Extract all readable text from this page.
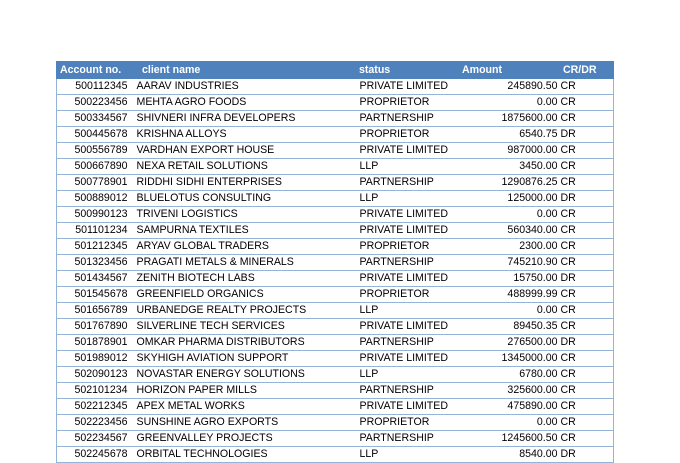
Account no.	client name	status	Amount	CR/DR
500112345	AARAV INDUSTRIES	PRIVATE LIMITED	245890.50	CR
500223456	MEHTA AGRO FOODS	PROPRIETOR	0.00	CR
500334567	SHIVNERI INFRA DEVELOPERS	PARTNERSHIP	1875600.00	CR
500445678	KRISHNA ALLOYS	PROPRIETOR	6540.75	DR
500556789	VARDHAN EXPORT HOUSE	PRIVATE LIMITED	987000.00	CR
500667890	NEXA RETAIL SOLUTIONS	LLP	3450.00	CR
500778901	RIDDHI SIDHI ENTERPRISES	PARTNERSHIP	1290876.25	CR
500889012	BLUELOTUS CONSULTING	LLP	125000.00	DR
500990123	TRIVENI LOGISTICS	PRIVATE LIMITED	0.00	CR
501101234	SAMPURNA TEXTILES	PRIVATE LIMITED	560340.00	CR
501212345	ARYAV GLOBAL TRADERS	PROPRIETOR	2300.00	CR
501323456	PRAGATI METALS & MINERALS	PARTNERSHIP	745210.90	CR
501434567	ZENITH BIOTECH LABS	PRIVATE LIMITED	15750.00	DR
501545678	GREENFIELD ORGANICS	PROPRIETOR	488999.99	CR
501656789	URBANEDGE REALTY PROJECTS	LLP	0.00	CR
501767890	SILVERLINE TECH SERVICES	PRIVATE LIMITED	89450.35	CR
501878901	OMKAR PHARMA DISTRIBUTORS	PARTNERSHIP	276500.00	DR
501989012	SKYHIGH AVIATION SUPPORT	PRIVATE LIMITED	1345000.00	CR
502090123	NOVASTAR ENERGY SOLUTIONS	LLP	6780.00	CR
502101234	HORIZON PAPER MILLS	PARTNERSHIP	325600.00	CR
502212345	APEX METAL WORKS	PRIVATE LIMITED	475890.00	CR
502223456	SUNSHINE AGRO EXPORTS	PROPRIETOR	0.00	CR
502234567	GREENVALLEY PROJECTS	PARTNERSHIP	1245600.50	CR
502245678	ORBITAL TECHNOLOGIES	LLP	8540.00	DR
